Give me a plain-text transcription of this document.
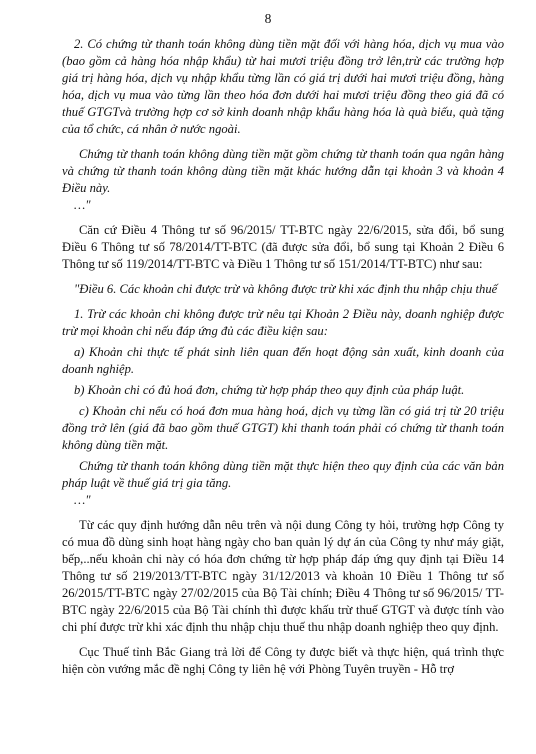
8

2. Có chứng từ thanh toán không dùng tiền mặt đối với hàng hóa, dịch vụ mua vào (bao gồm cả hàng hóa nhập khẩu) từ hai mươi triệu đồng trở lên,trừ các trường hợp giá trị hàng hóa, dịch vụ nhập khẩu từng lần có giá trị dưới hai mươi triệu đồng, hàng hóa, dịch vụ mua vào từng lần theo hóa đơn dưới hai mươi triệu đồng theo giá đã có thuế GTGTvà trường hợp cơ sở kinh doanh nhập khẩu hàng hóa là quà biếu, quà tặng của tổ chức, cá nhân ở nước ngoài.

Chứng từ thanh toán không dùng tiền mặt gồm chứng từ thanh toán qua ngân hàng và chứng từ thanh toán không dùng tiền mặt khác hướng dẫn tại khoản 3 và khoản 4 Điều này.

…"

Căn cứ Điều 4 Thông tư số 96/2015/ TT-BTC ngày 22/6/2015, sửa đổi, bổ sung Điều 6 Thông tư số 78/2014/TT-BTC (đã được sửa đổi, bổ sung tại Khoản 2 Điều 6 Thông tư số 119/2014/TT-BTC và Điều 1 Thông tư số 151/2014/TT-BTC) như sau:

"Điều 6. Các khoản chi được trừ và không được trừ khi xác định thu nhập chịu thuế

1. Trừ các khoản chi không được trừ nêu tại Khoản 2 Điều này, doanh nghiệp được trừ mọi khoản chi nếu đáp ứng đủ các điều kiện sau:

a) Khoản chi thực tế phát sinh liên quan đến hoạt động sản xuất, kinh doanh của doanh nghiệp.

b) Khoản chi có đủ hoá đơn, chứng từ hợp pháp theo quy định của pháp luật.

c) Khoản chi nếu có hoá đơn mua hàng hoá, dịch vụ từng lần có giá trị từ 20 triệu đồng trở lên (giá đã bao gồm thuế GTGT) khi thanh toán phải có chứng từ thanh toán không dùng tiền mặt.

Chứng từ thanh toán không dùng tiền mặt thực hiện theo quy định của các văn bản pháp luật về thuế giá trị gia tăng.

…"

Từ các quy định hướng dẫn nêu trên và nội dung Công ty hỏi, trường hợp Công ty có mua đồ dùng sinh hoạt hàng ngày cho ban quản lý dự án của Công ty như máy giặt, bếp,..nếu khoản chi này có hóa đơn chứng từ hợp pháp đáp ứng quy định tại Điều 14 Thông tư số 219/2013/TT-BTC ngày 31/12/2013 và khoản 10 Điều 1 Thông tư số 26/2015/TT-BTC ngày 27/02/2015 của Bộ Tài chính; Điều 4 Thông tư số 96/2015/ TT-BTC ngày 22/6/2015 của Bộ Tài chính thì được khấu trừ thuế GTGT và được tính vào chi phí được trừ khi xác định thu nhập chịu thuế thu nhập doanh nghiệp theo quy định.

Cục Thuế tỉnh Bắc Giang trả lời để Công ty được biết và thực hiện, quá trình thực hiện còn vướng mắc đề nghị Công ty liên hệ với Phòng Tuyên truyền - Hỗ trợ
